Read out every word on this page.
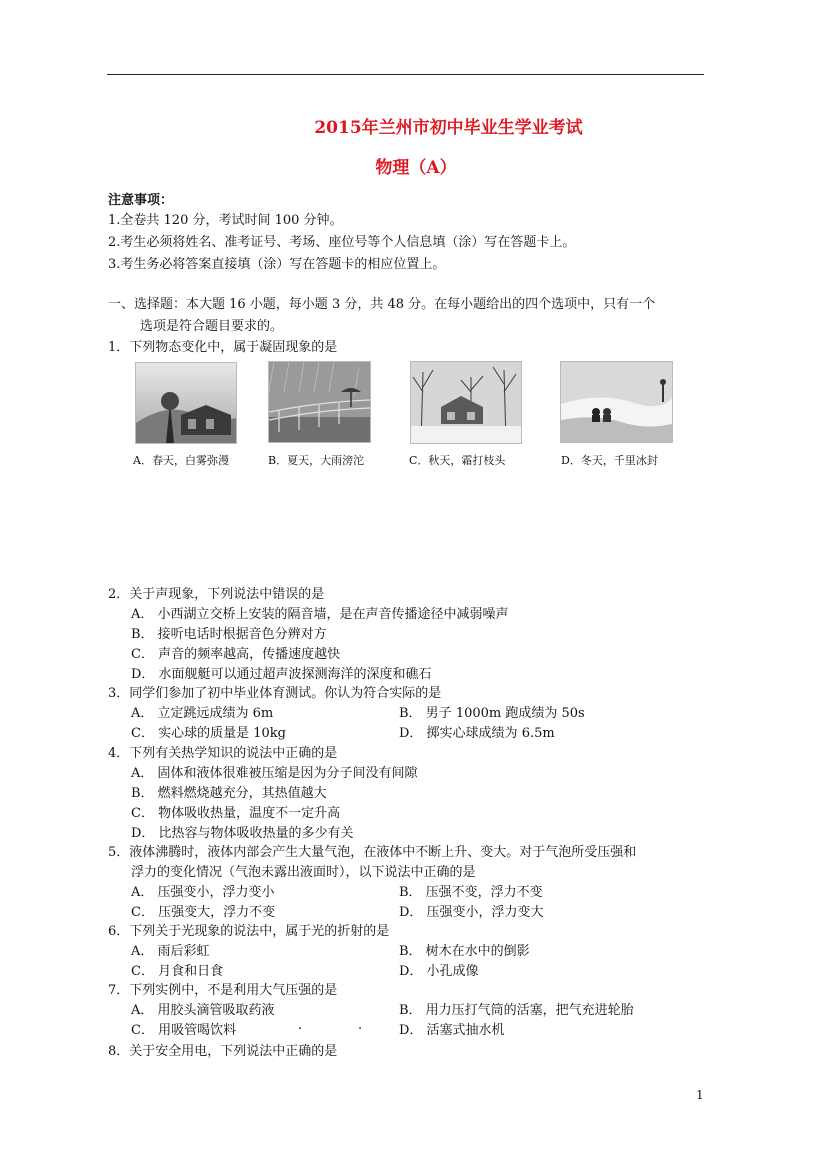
2015年兰州市初中毕业生学业考试
物理（A）
注意事项：
1.全卷共 120 分，考试时间 100 分钟。
2.考生必须将姓名、准考证号、考场、座位号等个人信息填（涂）写在答题卡上。
3.考生务必将答案直接填（涂）写在答题卡的相应位置上。
一、选择题：本大题 16 小题，每小题 3 分，共 48 分。在每小题给出的四个选项中，只有一个
选项是符合题目要求的。
1．下列物态变化中，属于凝固现象的是
A．春天，白雾弥漫	B．夏天，大雨滂沱	C．秋天，霜打枝头	D．冬天，千里冰封
2．关于声现象，下列说法中错误的是
A． 小西湖立交桥上安装的隔音墙，是在声音传播途径中减弱噪声
B． 接听电话时根据音色分辨对方
C． 声音的频率越高，传播速度越快
D． 水面舰艇可以通过超声波探测海洋的深度和礁石
3．同学们参加了初中毕业体育测试。你认为符合实际的是
A． 立定跳远成绩为 6m	B． 男子 1000m 跑成绩为 50s
C． 实心球的质量是 10kg	D． 掷实心球成绩为 6.5m
4．下列有关热学知识的说法中正确的是
A． 固体和液体很难被压缩是因为分子间没有间隙
B． 燃料燃烧越充分，其热值越大
C． 物体吸收热量，温度不一定升高
D． 比热容与物体吸收热量的多少有关
5．液体沸腾时，液体内部会产生大量气泡，在液体中不断上升、变大。对于气泡所受压强和
浮力的变化情况（气泡未露出液面时），以下说法中正确的是
A． 压强变小，浮力变小	B． 压强不变，浮力不变
C． 压强变大，浮力不变	D． 压强变小，浮力变大
6．下列关于光现象的说法中，属于光的折射的是
A． 雨后彩虹	B． 树木在水中的倒影
C． 月食和日食	D． 小孔成像
7．下列实例中，不是利用大气压强的是
A． 用胶头滴管吸取药液	B． 用力压打气筒的活塞，把气充进轮胎
C． 用吸管喝饮料	.	.	D． 活塞式抽水机
8．关于安全用电，下列说法中正确的是
1
